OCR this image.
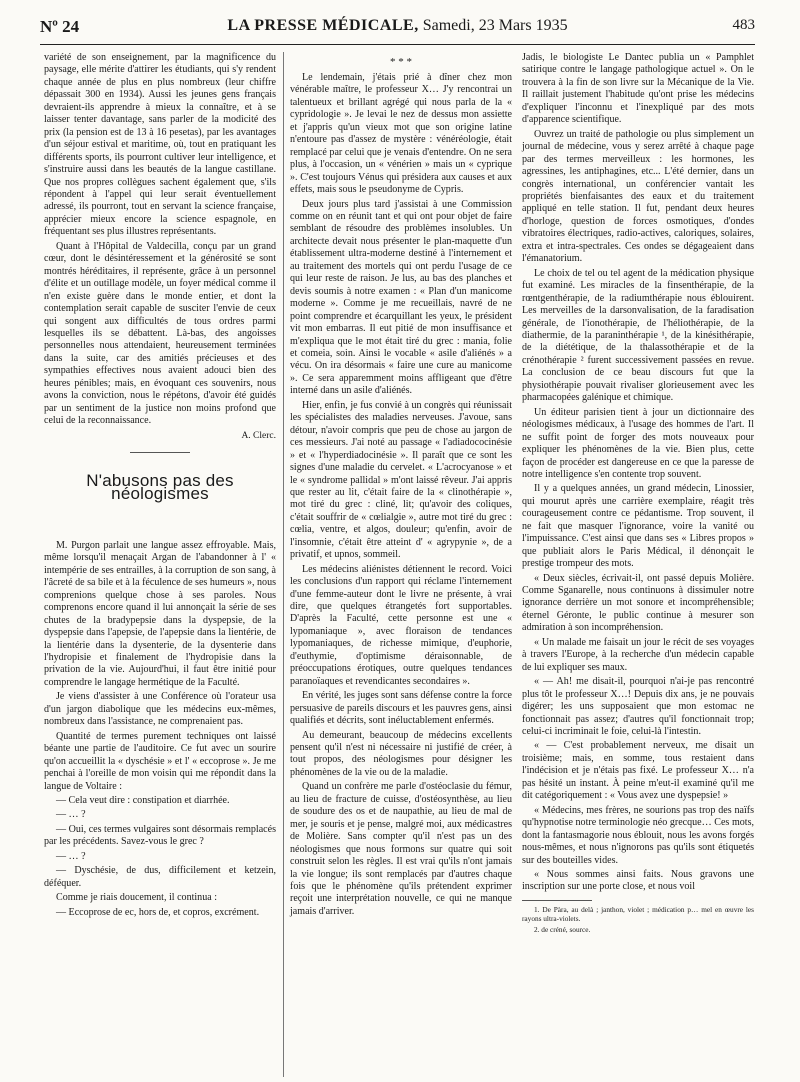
Nº 24	LA PRESSE MÉDICALE, Samedi, 23 Mars 1935	483

variété de son enseignement, par la magnificence du paysage, elle mérite d'attirer les étudiants, qui s'y rendent chaque année de plus en plus nombreux (leur chiffre dépassait 300 en 1934). Aussi les jeunes gens français devraient-ils apprendre à mieux la connaître, et à se laisser tenter davantage, sans parler de la modicité des prix (la pension est de 13 à 16 pesetas), par les avantages d'un séjour estival et maritime, où, tout en pratiquant les différents sports, ils pourront cultiver leur intelligence, et s'instruire aussi dans les beautés de la langue castillane. Que nos propres collègues sachent également que, s'ils répondent à l'appel qui leur serait éventuellement adressé, ils pourront, tout en servant la science française, apprécier mieux encore la science espagnole, en fréquentant ses plus illustres représentants.

Quant à l'Hôpital de Valdecilla, conçu par un grand cœur, dont le désintéressement et la générosité se sont montrés héréditaires, il représente, grâce à un personnel d'élite et un outillage modèle, un foyer médical comme il n'en existe guère dans le monde entier, et dont la contemplation serait capable de susciter l'envie de ceux qui songent aux difficultés de tous ordres parmi lesquelles ils se débattent. Là-bas, des angoisses personnelles nous attendaient, heureusement terminées dans la suite, car des amitiés précieuses et des sympathies effectives nous avaient adouci bien des heures pénibles; mais, en évoquant ces souvenirs, nous avons la conviction, nous le répétons, d'avoir été guidés par un sentiment de la justice non moins profond que celui de la reconnaissance.

A. Clerc.

N'abusons pas des néologismes

M. Purgon parlait une langue assez effroyable. Mais, même lorsqu'il menaçait Argan de l'abandonner à l' « intempérie de ses entrailles, à la corruption de son sang, à l'âcreté de sa bile et à la féculence de ses humeurs », nous comprenions quelque chose à ses paroles. Nous comprenons encore quand il lui annonçait la série de ses chutes de la bradypepsie dans la dyspepsie, de la dyspepsie dans l'apepsie, de l'apepsie dans la lientérie, de la lientérie dans la dysenterie, de la dysenterie dans l'hydropisie et finalement de l'hydropisie dans la privation de la vie. Aujourd'hui, il faut être initié pour comprendre le langage hermétique de la Faculté.

Je viens d'assister à une Conférence où l'orateur usa d'un jargon diabolique que les médecins eux-mêmes, nombreux dans l'assistance, ne comprenaient pas.

Quantité de termes purement techniques ont laissé béante une partie de l'auditoire. Ce fut avec un sourire qu'on accueillit la « dyschésie » et l' « eccoprose ». Je me penchai à l'oreille de mon voisin qui me répondit dans la langue de Voltaire :

— Cela veut dire : constipation et diarrhée.

— … ?

— Oui, ces termes vulgaires sont désormais remplacés par les précédents. Savez-vous le grec ?

— … ?

— Dyschésie, de dus, difficilement et ketzein, déféquer.

Comme je riais doucement, il continua :

— Eccoprose de ec, hors de, et copros, excrément.

* * *

Le lendemain, j'étais prié à dîner chez mon vénérable maître, le professeur X… J'y rencontrai un talentueux et brillant agrégé qui nous parla de la « cypridologie ». Je levai le nez de dessus mon assiette et j'appris qu'un vieux mot que son origine latine n'entoure pas d'assez de mystère : vénéréologie, était remplacé par celui que je venais d'entendre. On ne sera plus, à l'occasion, un « vénérien » mais un « cyprique ». C'est toujours Vénus qui présidera aux causes et aux effets, mais sous le pseudonyme de Cypris.

Deux jours plus tard j'assistai à une Commission comme on en réunit tant et qui ont pour objet de faire semblant de résoudre des problèmes insolubles. Un architecte devait nous présenter le plan-maquette d'un établissement ultra-moderne destiné à l'internement et au traitement des mortels qui ont perdu l'usage de ce qui leur reste de raison. Je lus, au bas des planches et devis soumis à notre examen : « Plan d'un manicome moderne ». Comme je me recueillais, navré de ne point comprendre et écarquillant les yeux, le président vit mon embarras. Il eut pitié de mon insuffisance et m'expliqua que le mot était tiré du grec : mania, folie et comeia, soin. Ainsi le vocable « asile d'aliénés » a vécu. On ira désormais « faire une cure au manicome ». Ce sera apparemment moins affligeant que d'être interné dans un asile d'aliénés.

Hier, enfin, je fus convié à un congrès qui réunissait les spécialistes des maladies nerveuses. J'avoue, sans détour, n'avoir compris que peu de chose au jargon de ces messieurs. J'ai noté au passage « l'adiadococinésie » et « l'hyperdiadocinésie ». Il paraît que ce sont les signes d'une maladie du cervelet. « L'acrocyanose » et le « syndrome pallidal » m'ont laissé rêveur. J'ai appris que rester au lit, c'était faire de la « clinothérapie », mot tiré du grec : cliné, lit; qu'avoir des coliques, c'était souffrir de « cœlialgie », autre mot tiré du grec : cœlia, ventre, et algos, douleur; qu'enfin, avoir de l'insomnie, c'était être atteint d' « agrypynie », de a privatif, et upnos, sommeil.

Les médecins aliénistes détiennent le record. Voici les conclusions d'un rapport qui réclame l'internement d'une femme-auteur dont le livre ne présente, à vrai dire, que quelques étrangetés fort supportables. D'après la Faculté, cette personne est une « lypomaniaque », avec floraison de tendances lypomaniaques, de richesse mimique, d'euphorie, d'euthymie, d'optimisme déraisonnable, de préoccupations érotiques, outre quelques tendances paranoïaques et revendicantes secondaires ».

En vérité, les juges sont sans défense contre la force persuasive de pareils discours et les pauvres gens, ainsi qualifiés et décrits, sont inéluctablement enfermés.

Au demeurant, beaucoup de médecins excellents pensent qu'il n'est ni nécessaire ni justifié de créer, à tout propos, des néologismes pour désigner les phénomènes de la vie ou de la maladie.

Quand un confrère me parle d'ostéoclasie du fémur, au lieu de fracture de cuisse, d'ostéosynthèse, au lieu de soudure des os et de naupathie, au lieu de mal de mer, je souris et je pense, malgré moi, aux médicastres de Molière. Sans compter qu'il n'est pas un des néologismes que nous formons sur quatre qui soit construit selon les règles. Il est vrai qu'ils n'ont jamais la vie longue; ils sont remplacés par d'autres chaque fois que le phénomène qu'ils prétendent exprimer reçoit une interprétation nouvelle, ce qui ne manque jamais d'arriver.

Jadis, le biologiste Le Dantec publia un « Pamphlet satirique contre le langage pathologique actuel ». On le trouvera à la fin de son livre sur la Mécanique de la Vie. Il raillait justement l'habitude qu'ont prise les médecins d'expliquer l'inconnu et l'inexpliqué par des mots d'apparence scientifique.

Ouvrez un traité de pathologie ou plus simplement un journal de médecine, vous y serez arrêté à chaque page par des termes merveilleux : les hormones, les agressines, les antiphagines, etc... L'été dernier, dans un congrès international, un conférencier vantait les propriétés bienfaisantes des eaux et du traitement appliqué en telle station. Il fut, pendant deux heures d'horloge, question de forces osmotiques, d'ondes vibratoires électriques, radio-actives, caloriques, solaires, extra et intra-spectrales. Ces ondes se dégageaient dans l'émanatorium.

Le choix de tel ou tel agent de la médication physique fut examiné. Les miracles de la finsenthérapie, de la rœntgenthérapie, de la radiumthérapie nous éblouirent. Les merveilles de la darsonvalisation, de la faradisation générale, de l'ionothérapie, de l'héliothérapie, de la diathermie, de la paraninthérapie ¹, de la kinésithérapie, de la diététique, de la thalassothérapie et de la crénothérapie ² furent successivement passées en revue. La conclusion de ce beau discours fut que la physiothérapie pouvait rivaliser glorieusement avec les pharmacopées galénique et chimique.

Un éditeur parisien tient à jour un dictionnaire des néologismes médicaux, à l'usage des hommes de l'art. Il ne suffit point de forger des mots nouveaux pour expliquer les phénomènes de la vie. Bien plus, cette façon de procéder est dangereuse en ce que la paresse de notre intelligence s'en contente trop souvent.

Il y a quelques années, un grand médecin, Linossier, qui mourut après une carrière exemplaire, réagit très courageusement contre ce pédantisme. Trop souvent, il ne fait que masquer l'ignorance, voire la vanité ou l'impuissance. C'est ainsi que dans ses « Libres propos » que publiait alors le Paris Médical, il dénonçait le prestige trompeur des mots.

« Deux siècles, écrivait-il, ont passé depuis Molière. Comme Sganarelle, nous continuons à dissimuler notre ignorance derrière un mot sonore et incompréhensible; éternel Géronte, le public continue à mesurer son admiration à son incompréhension.

« Un malade me faisait un jour le récit de ses voyages à travers l'Europe, à la recherche d'un médecin capable de lui expliquer ses maux.

« — Ah! me disait-il, pourquoi n'ai-je pas rencontré plus tôt le professeur X…! Depuis dix ans, je ne pouvais digérer; les uns supposaient que mon estomac ne fonctionnait pas assez; d'autres qu'il fonctionnait trop; celui-ci incriminait le foie, celui-là l'intestin.

« — C'est probablement nerveux, me disait un troisième; mais, en somme, tous restaient dans l'indécision et je n'étais pas fixé. Le professeur X… n'a pas hésité un instant. À peine m'eut-il examiné qu'il me dit catégoriquement : « Vous avez une dyspepsie! »

« Médecins, mes frères, ne sourions pas trop des naïfs qu'hypnotise notre terminologie néo grecque… Ces mots, dont la fantasmagorie nous éblouit, nous les avons forgés nous-mêmes, et nous n'ignorons pas qu'ils sont étiquetés sur des bouteilles vides.

« Nous sommes ainsi faits. Nous gravons une inscription sur une porte close, et nous voil

1. De Pàra, au delà ; janthon, violet ; médication p… mel en œuvre les rayons ultra-violets.

2. de créné, source.
